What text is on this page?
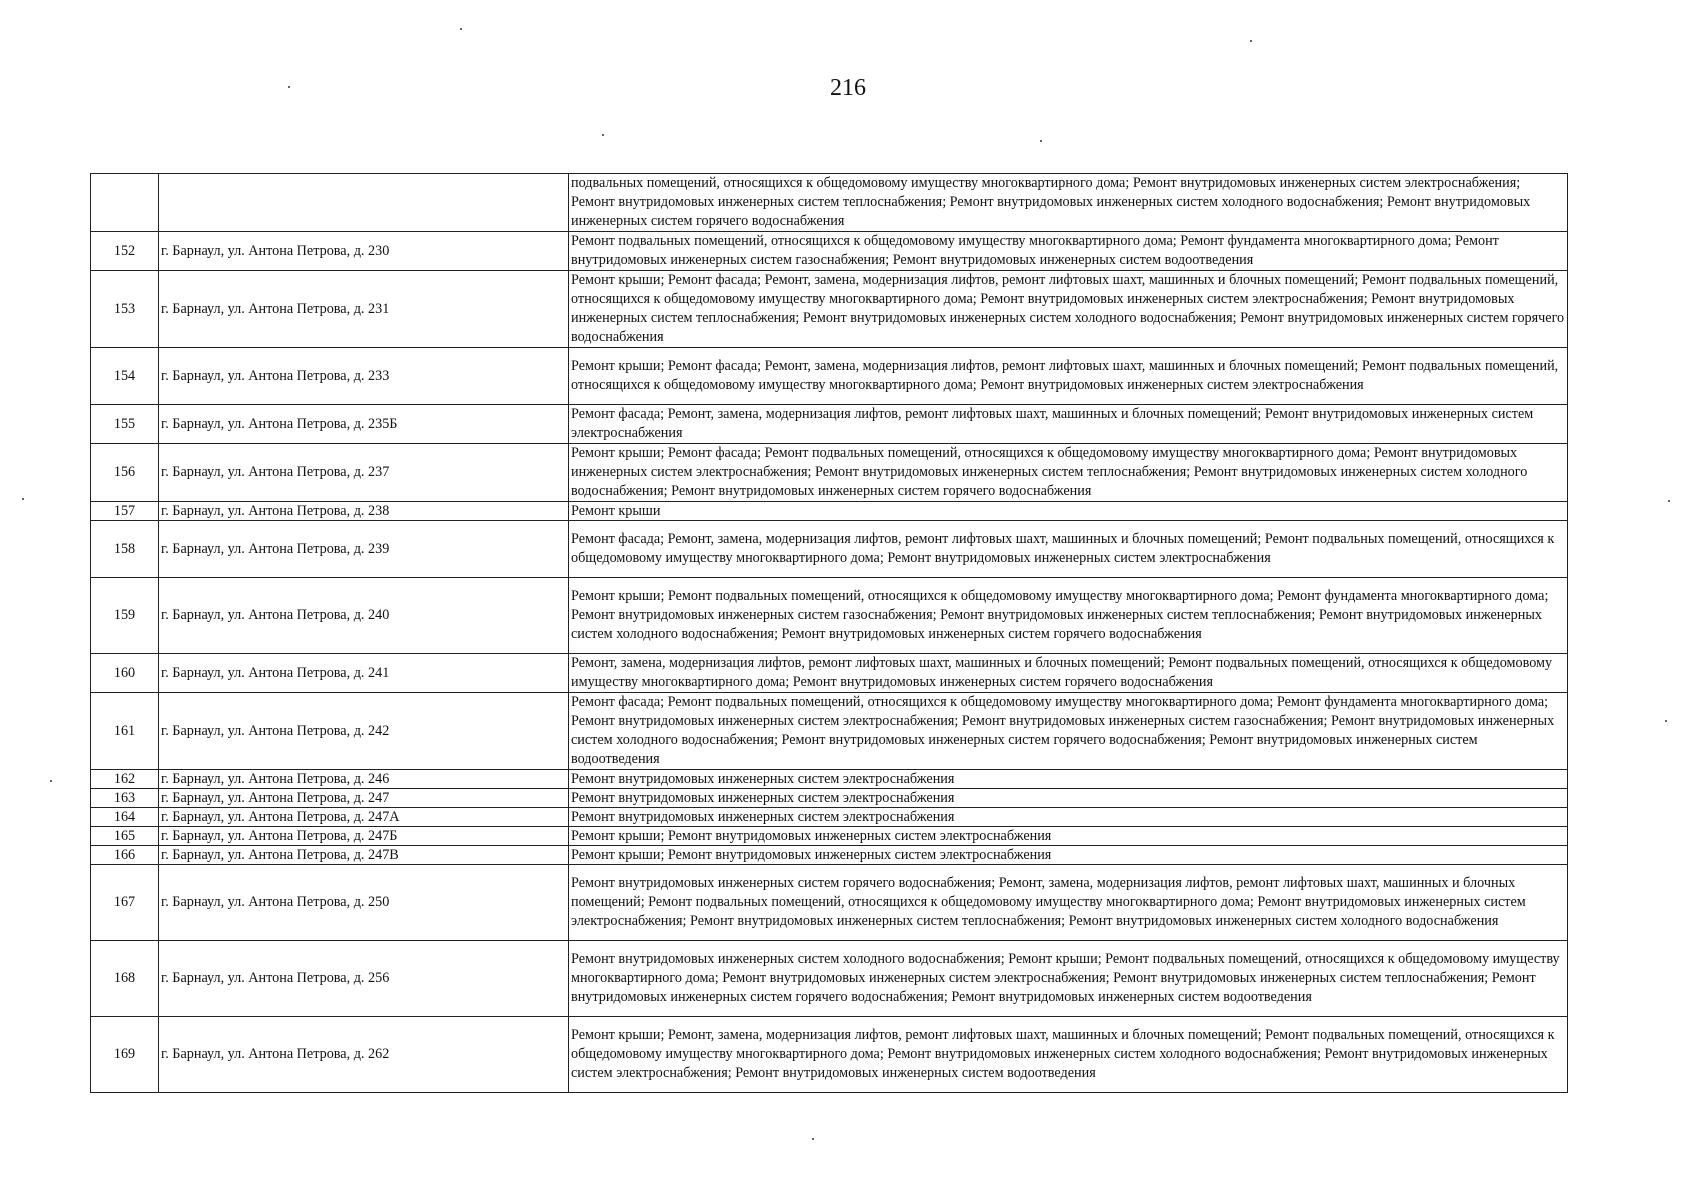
216
		подвальных помещений, относящихся к общедомовому имуществу многоквартирного дома; Ремонт внутридомовых инженерных систем электроснабжения; Ремонт внутридомовых инженерных систем теплоснабжения; Ремонт внутридомовых инженерных систем холодного водоснабжения; Ремонт внутридомовых инженерных систем горячего водоснабжения
152	г. Барнаул, ул. Антона Петрова, д. 230	Ремонт подвальных помещений, относящихся к общедомовому имуществу многоквартирного дома; Ремонт фундамента многоквартирного дома; Ремонт внутридомовых инженерных систем газоснабжения; Ремонт внутридомовых инженерных систем водоотведения
153	г. Барнаул, ул. Антона Петрова, д. 231	Ремонт крыши; Ремонт фасада; Ремонт, замена, модернизация лифтов, ремонт лифтовых шахт, машинных и блочных помещений; Ремонт подвальных помещений, относящихся к общедомовому имуществу многоквартирного дома; Ремонт внутридомовых инженерных систем электроснабжения; Ремонт внутридомовых инженерных систем теплоснабжения; Ремонт внутридомовых инженерных систем холодного водоснабжения; Ремонт внутридомовых инженерных систем горячего водоснабжения
154	г. Барнаул, ул. Антона Петрова, д. 233	Ремонт крыши; Ремонт фасада; Ремонт, замена, модернизация лифтов, ремонт лифтовых шахт, машинных и блочных помещений; Ремонт подвальных помещений, относящихся к общедомовому имуществу многоквартирного дома; Ремонт внутридомовых инженерных систем электроснабжения
155	г. Барнаул, ул. Антона Петрова, д. 235Б	Ремонт фасада; Ремонт, замена, модернизация лифтов, ремонт лифтовых шахт, машинных и блочных помещений; Ремонт внутридомовых инженерных систем электроснабжения
156	г. Барнаул, ул. Антона Петрова, д. 237	Ремонт крыши; Ремонт фасада; Ремонт подвальных помещений, относящихся к общедомовому имуществу многоквартирного дома; Ремонт внутридомовых инженерных систем электроснабжения; Ремонт внутридомовых инженерных систем теплоснабжения; Ремонт внутридомовых инженерных систем холодного водоснабжения; Ремонт внутридомовых инженерных систем горячего водоснабжения
157	г. Барнаул, ул. Антона Петрова, д. 238	Ремонт крыши
158	г. Барнаул, ул. Антона Петрова, д. 239	Ремонт фасада; Ремонт, замена, модернизация лифтов, ремонт лифтовых шахт, машинных и блочных помещений; Ремонт подвальных помещений, относящихся к общедомовому имуществу многоквартирного дома; Ремонт внутридомовых инженерных систем электроснабжения
159	г. Барнаул, ул. Антона Петрова, д. 240	Ремонт крыши; Ремонт подвальных помещений, относящихся к общедомовому имуществу многоквартирного дома; Ремонт фундамента многоквартирного дома; Ремонт внутридомовых инженерных систем газоснабжения; Ремонт внутридомовых инженерных систем теплоснабжения; Ремонт внутридомовых инженерных систем холодного водоснабжения; Ремонт внутридомовых инженерных систем горячего водоснабжения
160	г. Барнаул, ул. Антона Петрова, д. 241	Ремонт, замена, модернизация лифтов, ремонт лифтовых шахт, машинных и блочных помещений; Ремонт подвальных помещений, относящихся к общедомовому имуществу многоквартирного дома; Ремонт внутридомовых инженерных систем горячего водоснабжения
161	г. Барнаул, ул. Антона Петрова, д. 242	Ремонт фасада; Ремонт подвальных помещений, относящихся к общедомовому имуществу многоквартирного дома; Ремонт фундамента многоквартирного дома; Ремонт внутридомовых инженерных систем электроснабжения; Ремонт внутридомовых инженерных систем газоснабжения; Ремонт внутридомовых инженерных систем холодного водоснабжения; Ремонт внутридомовых инженерных систем горячего водоснабжения; Ремонт внутридомовых инженерных систем водоотведения
162	г. Барнаул, ул. Антона Петрова, д. 246	Ремонт внутридомовых инженерных систем электроснабжения
163	г. Барнаул, ул. Антона Петрова, д. 247	Ремонт внутридомовых инженерных систем электроснабжения
164	г. Барнаул, ул. Антона Петрова, д. 247А	Ремонт внутридомовых инженерных систем электроснабжения
165	г. Барнаул, ул. Антона Петрова, д. 247Б	Ремонт крыши; Ремонт внутридомовых инженерных систем электроснабжения
166	г. Барнаул, ул. Антона Петрова, д. 247В	Ремонт крыши; Ремонт внутридомовых инженерных систем электроснабжения
167	г. Барнаул, ул. Антона Петрова, д. 250	Ремонт внутридомовых инженерных систем горячего водоснабжения; Ремонт, замена, модернизация лифтов, ремонт лифтовых шахт, машинных и блочных помещений; Ремонт подвальных помещений, относящихся к общедомовому имуществу многоквартирного дома; Ремонт внутридомовых инженерных систем электроснабжения; Ремонт внутридомовых инженерных систем теплоснабжения; Ремонт внутридомовых инженерных систем холодного водоснабжения
168	г. Барнаул, ул. Антона Петрова, д. 256	Ремонт внутридомовых инженерных систем холодного водоснабжения; Ремонт крыши; Ремонт подвальных помещений, относящихся к общедомовому имуществу многоквартирного дома; Ремонт внутридомовых инженерных систем электроснабжения; Ремонт внутридомовых инженерных систем теплоснабжения; Ремонт внутридомовых инженерных систем горячего водоснабжения; Ремонт внутридомовых инженерных систем водоотведения
169	г. Барнаул, ул. Антона Петрова, д. 262	Ремонт крыши; Ремонт, замена, модернизация лифтов, ремонт лифтовых шахт, машинных и блочных помещений; Ремонт подвальных помещений, относящихся к общедомовому имуществу многоквартирного дома; Ремонт внутридомовых инженерных систем холодного водоснабжения; Ремонт внутридомовых инженерных систем электроснабжения; Ремонт внутридомовых инженерных систем водоотведения
